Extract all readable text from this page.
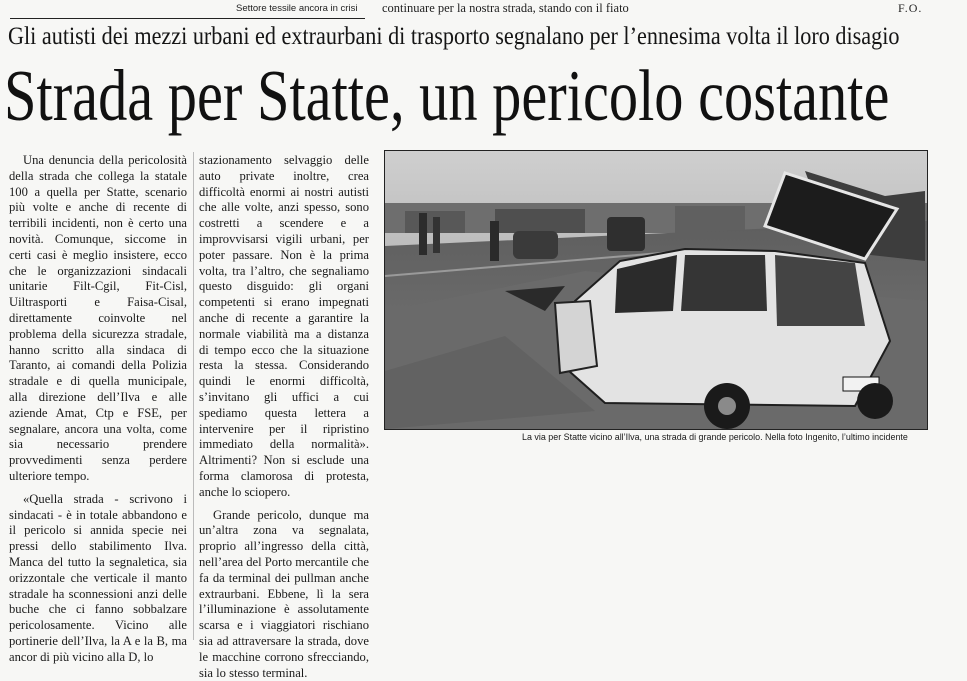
Settore tessile ancora in crisi continuare per la nostra strada, stando con il fiato	F.O.
Gli autisti dei mezzi urbani ed extraurbani di trasporto segnalano per l’ennesima volta il loro disagio
Strada per Statte, un pericolo costante

Una denuncia della pericolosità della strada che collega la statale 100 a quella per Statte, scenario più volte e anche di recente di terribili incidenti, non è certo una novità. Comunque, siccome in certi casi è meglio insistere, ecco che le organizzazioni sindacali unitarie Filt-Cgil, Fit-Cisl, Uiltrasporti e Faisa-Cisal, direttamente coinvolte nel problema della sicurezza stradale, hanno scritto alla sindaca di Taranto, ai comandi della Polizia stradale e di quella municipale, alla direzione dell’Ilva e alle aziende Amat, Ctp e FSE, per segnalare, ancora una volta, come sia necessario prendere provvedimenti senza perdere ulteriore tempo.

«Quella strada - scrivono i sindacati - è in totale abbandono e il pericolo si annida specie nei pressi dello stabilimento Ilva. Manca del tutto la segnaletica, sia orizzontale che verticale il manto stradale ha sconnessioni anzi delle buche che ci fanno sobbalzare pericolosamente. Vicino alle portinerie dell’Ilva, la A e la B, ma ancor di più vicino alla D, lo

stazionamento selvaggio delle auto private inoltre, crea difficoltà enormi ai nostri autisti che alle volte, anzi spesso, sono costretti a scendere e a improvvisarsi vigili urbani, per poter passare. Non è la prima volta, tra l’altro, che segnaliamo questo disguido: gli organi competenti si erano impegnati anche di recente a garantire la normale viabilità ma a distanza di tempo ecco che la situazione resta la stessa. Considerando quindi le enormi difficoltà, s’invitano gli uffici a cui spediamo questa lettera a intervenire per il ripristino immediato della normalità». Altrimenti? Non si esclude una forma clamorosa di protesta, anche lo sciopero.

Grande pericolo, dunque ma un’altra zona va segnalata, proprio all’ingresso della città, nell’area del Porto mercantile che fa da terminal dei pullman anche extraurbani. Ebbene, lì la sera l’illuminazione è assolutamente scarsa e i viaggiatori rischiano sia ad attraversare la strada, dove le macchine corrono sfrecciando, sia lo stesso terminal.

La via per Statte vicino all’Ilva, una strada di grande pericolo. Nella foto Ingenito, l’ultimo incidente
